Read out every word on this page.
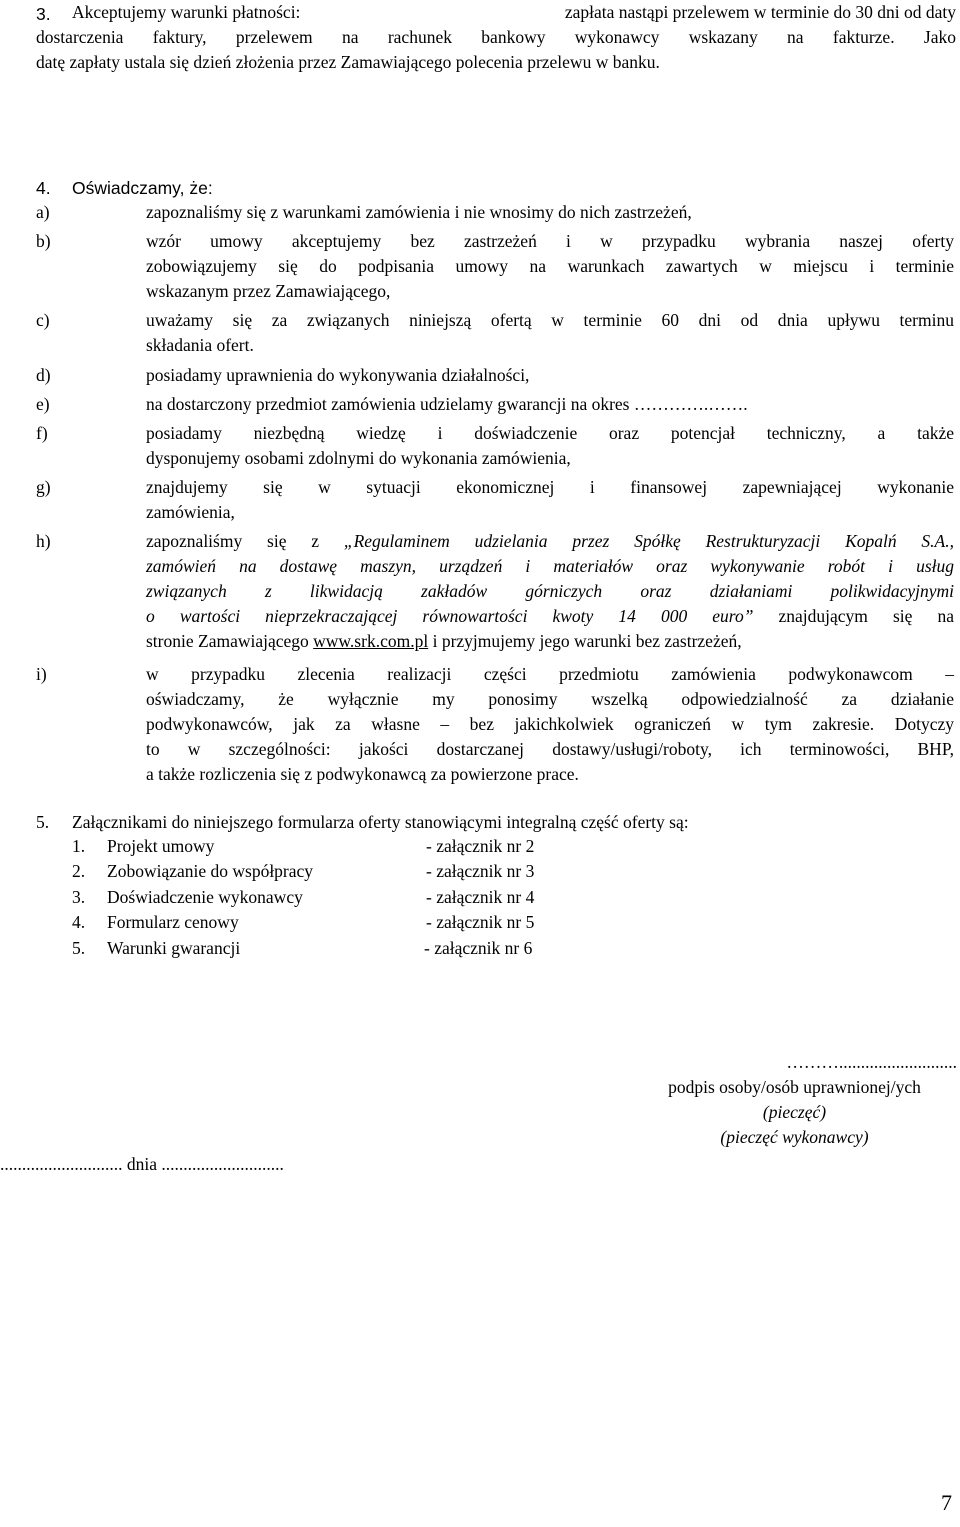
3. Akceptujemy warunki płatności:	zapłata nastąpi przelewem w terminie do 30 dni od daty
dostarczenia faktury, przelewem na rachunek bankowy wykonawcy wskazany na fakturze. Jako
datę zapłaty ustala się dzień złożenia przez Zamawiającego polecenia przelewu w banku.
4. Oświadczamy, że:
a)	zapoznaliśmy się z warunkami zamówienia i nie wnosimy do nich zastrzeżeń,
b)	wzór umowy akceptujemy bez zastrzeżeń i w przypadku wybrania naszej oferty
zobowiązujemy się do podpisania umowy na warunkach zawartych w miejscu i terminie
wskazanym przez Zamawiającego,
c)	uważamy się za związanych niniejszą ofertą w terminie 60 dni od dnia upływu terminu
składania ofert.
d)	posiadamy uprawnienia do wykonywania działalności,
e)	na dostarczony przedmiot zamówienia udzielamy gwarancji na okres ………….…….
f)	posiadamy niezbędną wiedzę i doświadczenie oraz potencjał techniczny, a także
dysponujemy osobami zdolnymi do wykonania zamówienia,
g)	znajdujemy się w sytuacji ekonomicznej i finansowej zapewniającej wykonanie
zamówienia,
h)	zapoznaliśmy się z „Regulaminem udzielania przez Spółkę Restrukturyzacji Kopalń S.A.,
zamówień na dostawę maszyn, urządzeń i materiałów oraz wykonywanie robót i usług
związanych z likwidacją zakładów górniczych oraz działaniami polikwidacyjnymi
o wartości nieprzekraczającej równowartości kwoty 14 000 euro” znajdującym się na
stronie Zamawiającego www.srk.com.pl i przyjmujemy jego warunki bez zastrzeżeń,
i)	w przypadku zlecenia realizacji części przedmiotu zamówienia podwykonawcom –
oświadczamy, że wyłącznie my ponosimy wszelką odpowiedzialność za działanie
podwykonawców, jak za własne – bez jakichkolwiek ograniczeń w tym zakresie. Dotyczy
to w szczególności: jakości dostarczanej dostawy/usługi/roboty, ich terminowości, BHP,
a także rozliczenia się z podwykonawcą za powierzone prace.
5. Załącznikami do niniejszego formularza oferty stanowiącymi integralną część oferty są:
1. Projekt umowy	- załącznik nr 2
2. Zobowiązanie do współpracy	- załącznik nr 3
3. Doświadczenie wykonawcy	- załącznik nr 4
4. Formularz cenowy	- załącznik nr 5
5. Warunki gwarancji	- załącznik nr 6
………...........................
podpis osoby/osób uprawnionej/ych
(pieczęć)
(pieczęć wykonawcy)
............................ dnia ............................
7
